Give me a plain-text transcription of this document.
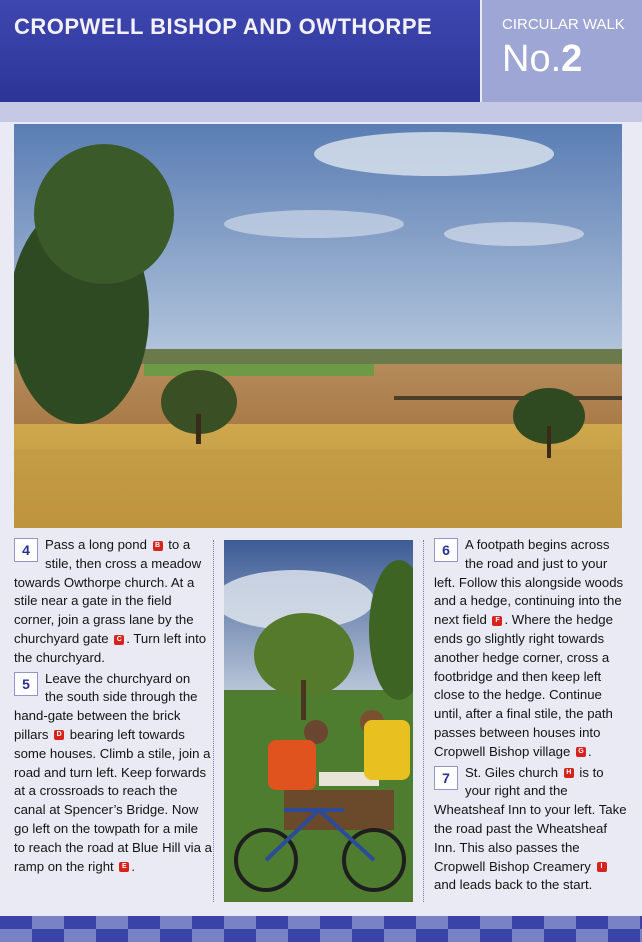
CROPWELL BISHOP AND OWTHORPE	CIRCULAR WALK
No.2
4	Pass a long pond B to a stile, then cross a meadow towards Owthorpe church. At a stile near a gate in the field corner, join a grass lane by the churchyard gate C . Turn left into the churchyard.

5	Leave the churchyard on the south side through the hand-gate between the brick pillars D bearing left towards some houses. Climb a stile, join a road and turn left. Keep forwards at a crossroads to reach the canal at Spencer’s Bridge. Now go left on the towpath for a mile to reach the road at Blue Hill via a ramp on the right E .

6	A footpath begins across the road and just to your left. Follow this alongside woods and a hedge, continuing into the next field F . Where the hedge ends go slightly right towards another hedge corner, cross a footbridge and then keep left close to the hedge. Continue until, after a final stile, the path passes between houses into Cropwell Bishop village G .

7	St. Giles church H is to your right and the Wheatsheaf Inn to your left. Take the road past the Wheatsheaf Inn. This also passes the Cropwell Bishop Creamery I and leads back to the start.
